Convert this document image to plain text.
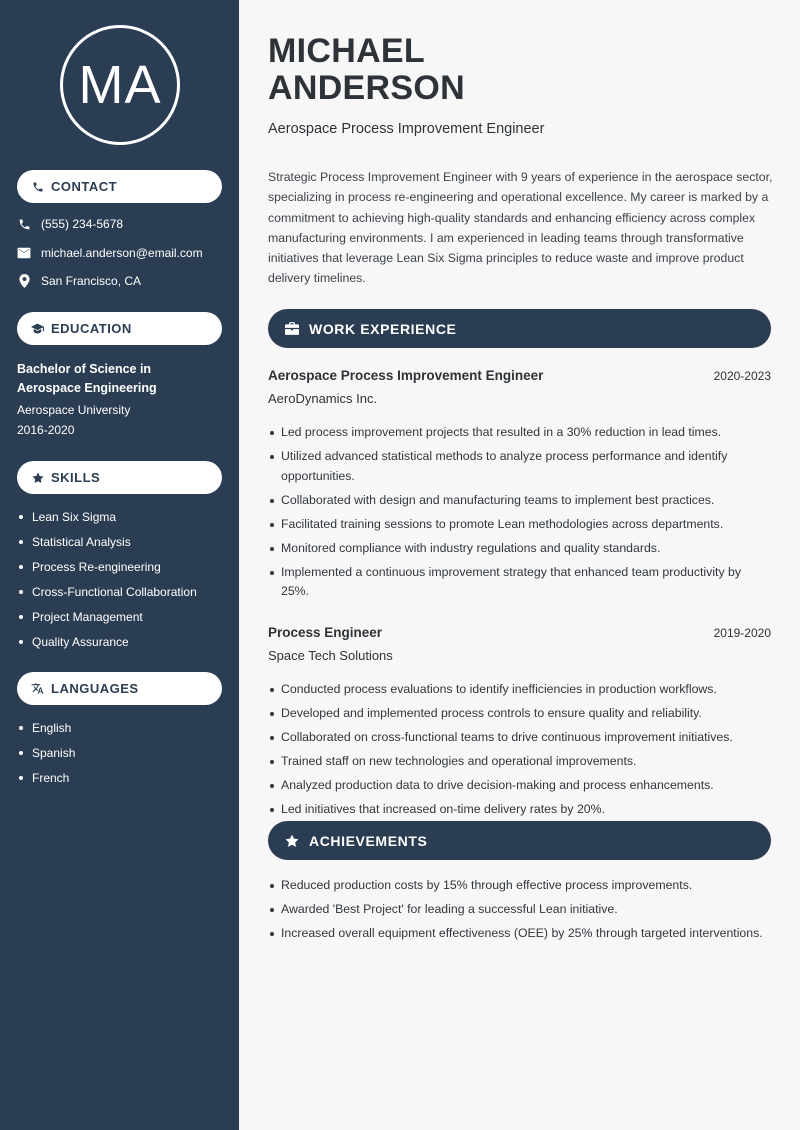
MA
CONTACT
(555) 234-5678
michael.anderson@email.com
San Francisco, CA
EDUCATION
Bachelor of Science in Aerospace Engineering
Aerospace University
2016-2020
SKILLS
Lean Six Sigma
Statistical Analysis
Process Re-engineering
Cross-Functional Collaboration
Project Management
Quality Assurance
LANGUAGES
English
Spanish
French
MICHAEL
ANDERSON
Aerospace Process Improvement Engineer

Strategic Process Improvement Engineer with 9 years of experience in the aerospace sector, specializing in process re-engineering and operational excellence. My career is marked by a commitment to achieving high-quality standards and enhancing efficiency across complex manufacturing environments. I am experienced in leading teams through transformative initiatives that leverage Lean Six Sigma principles to reduce waste and improve product delivery timelines.

WORK EXPERIENCE
Aerospace Process Improvement Engineer	2020-2023
AeroDynamics Inc.
Led process improvement projects that resulted in a 30% reduction in lead times.
Utilized advanced statistical methods to analyze process performance and identify opportunities.
Collaborated with design and manufacturing teams to implement best practices.
Facilitated training sessions to promote Lean methodologies across departments.
Monitored compliance with industry regulations and quality standards.
Implemented a continuous improvement strategy that enhanced team productivity by 25%.
Process Engineer	2019-2020
Space Tech Solutions
Conducted process evaluations to identify inefficiencies in production workflows.
Developed and implemented process controls to ensure quality and reliability.
Collaborated on cross-functional teams to drive continuous improvement initiatives.
Trained staff on new technologies and operational improvements.
Analyzed production data to drive decision-making and process enhancements.
Led initiatives that increased on-time delivery rates by 20%.
ACHIEVEMENTS
Reduced production costs by 15% through effective process improvements.
Awarded 'Best Project' for leading a successful Lean initiative.
Increased overall equipment effectiveness (OEE) by 25% through targeted interventions.
